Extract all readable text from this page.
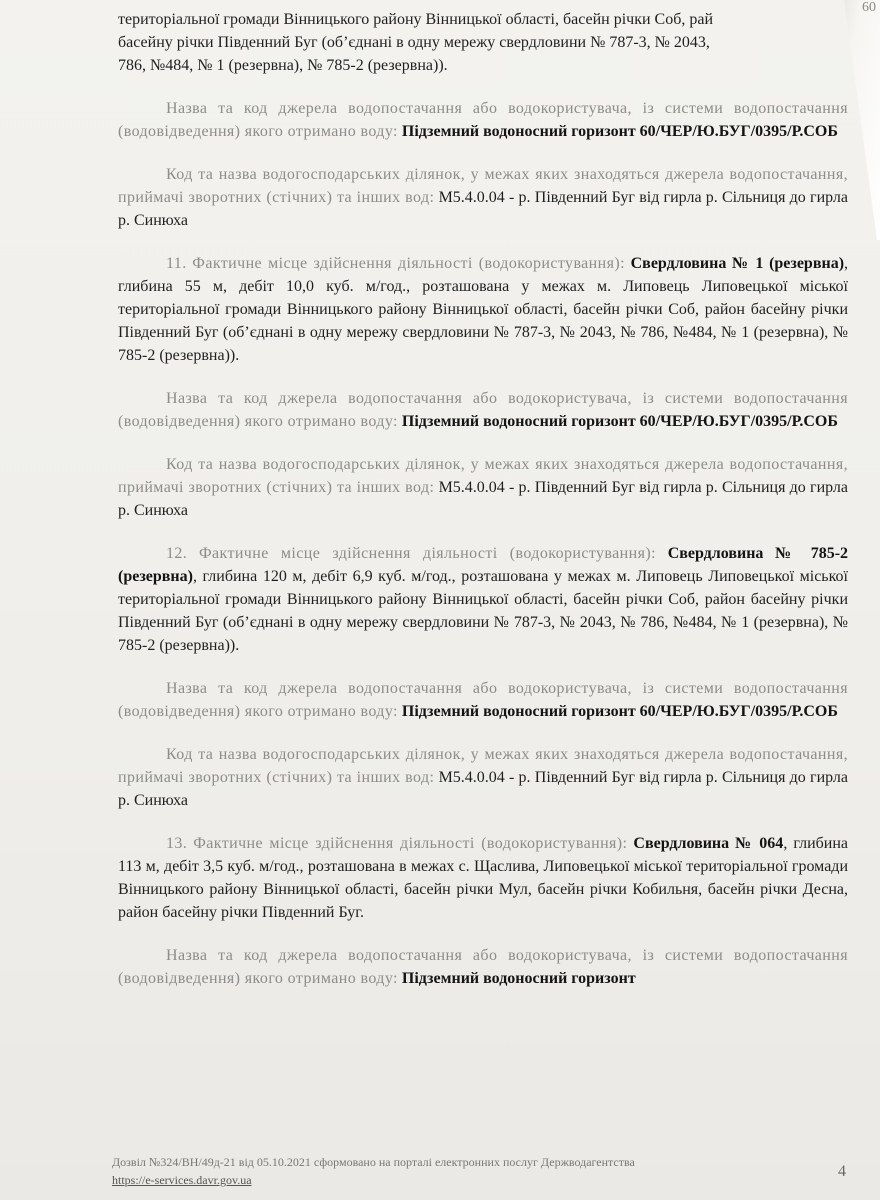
60

територіальної громади Вінницького району Вінницької області, басейн річки Соб, рай
басейну річки Південний Буг (об’єднані в одну мережу свердловини № 787-3, № 2043,
786, №484, № 1 (резервна), № 785-2 (резервна)).

Назва та код джерела водопостачання або водокористувача, із системи водопостачання (водовідведення) якого отримано воду: Підземний водоносний горизонт 60/ЧЕР/Ю.БУГ/0395/Р.СОБ

Код та назва водогосподарських ділянок, у межах яких знаходяться джерела водопостачання, приймачі зворотних (стічних) та інших вод: M5.4.0.04 - р. Південний Буг від гирла р. Сільниця до гирла р. Синюха

11. Фактичне місце здійснення діяльності (водокористування): Свердловина № 1 (резервна), глибина 55 м, дебіт 10,0 куб. м/год., розташована у межах м. Липовець Липовецької міської територіальної громади Вінницького району Вінницької області, басейн річки Соб, район басейну річки Південний Буг (об’єднані в одну мережу свердловини № 787-3, № 2043, № 786, №484, № 1 (резервна), № 785-2 (резервна)).

Назва та код джерела водопостачання або водокористувача, із системи водопостачання (водовідведення) якого отримано воду: Підземний водоносний горизонт 60/ЧЕР/Ю.БУГ/0395/Р.СОБ

Код та назва водогосподарських ділянок, у межах яких знаходяться джерела водопостачання, приймачі зворотних (стічних) та інших вод: M5.4.0.04 - р. Південний Буг від гирла р. Сільниця до гирла р. Синюха

12. Фактичне місце здійснення діяльності (водокористування): Свердловина № 785-2 (резервна), глибина 120 м, дебіт 6,9 куб. м/год., розташована у межах м. Липовець Липовецької міської територіальної громади Вінницького району Вінницької області, басейн річки Соб, район басейну річки Південний Буг (об’єднані в одну мережу свердловини № 787-3, № 2043, № 786, №484, № 1 (резервна), № 785-2 (резервна)).

Назва та код джерела водопостачання або водокористувача, із системи водопостачання (водовідведення) якого отримано воду: Підземний водоносний горизонт 60/ЧЕР/Ю.БУГ/0395/Р.СОБ

Код та назва водогосподарських ділянок, у межах яких знаходяться джерела водопостачання, приймачі зворотних (стічних) та інших вод: M5.4.0.04 - р. Південний Буг від гирла р. Сільниця до гирла р. Синюха

13. Фактичне місце здійснення діяльності (водокористування): Свердловина № 064, глибина 113 м, дебіт 3,5 куб. м/год., розташована в межах с. Щаслива, Липовецької міської територіальної громади Вінницького району Вінницької області, басейн річки Мул, басейн річки Кобильня, басейн річки Десна, район басейну річки Південний Буг.

Назва та код джерела водопостачання або водокористувача, із системи водопостачання (водовідведення) якого отримано воду: Підземний водоносний горизонт

Дозвіл №324/ВН/49д-21 від 05.10.2021 сформовано на порталі електронних послуг Держводагентства
https://e-services.davr.gov.ua	4
